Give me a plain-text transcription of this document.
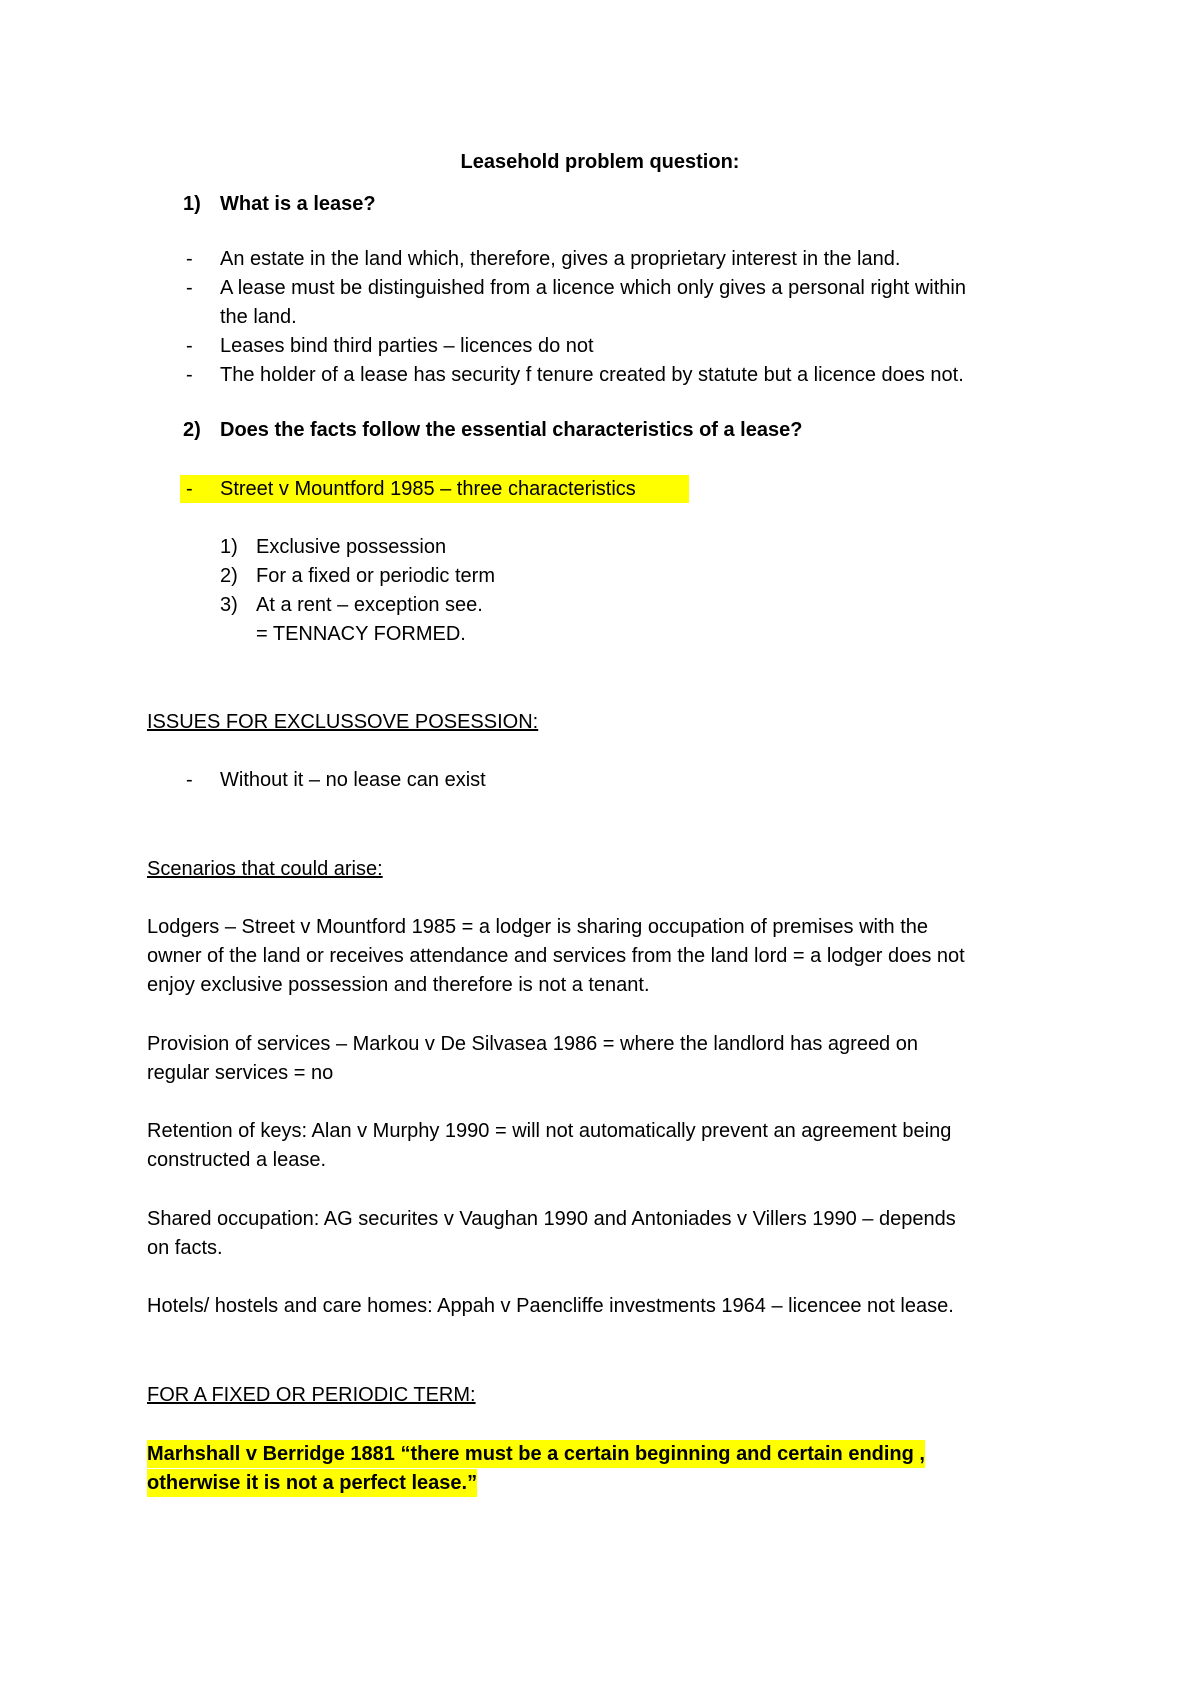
Leasehold problem question:
1) What is a lease?
- An estate in the land which, therefore, gives a proprietary interest in the land.
- A lease must be distinguished from a licence which only gives a personal right within
the land.
- Leases bind third parties – licences do not
- The holder of a lease has security f tenure created by statute but a licence does not.
2) Does the facts follow the essential characteristics of a lease?
-	Street v Mountford 1985 – three characteristics
1) Exclusive possession
2) For a fixed or periodic term
3) At a rent – exception see.
= TENNACY FORMED.
ISSUES FOR EXCLUSSOVE POSESSION:
- Without it – no lease can exist
Scenarios that could arise:
Lodgers – Street v Mountford 1985 = a lodger is sharing occupation of premises with the
owner of the land or receives attendance and services from the land lord = a lodger does not
enjoy exclusive possession and therefore is not a tenant.
Provision of services – Markou v De Silvasea 1986 = where the landlord has agreed on
regular services = no
Retention of keys: Alan v Murphy 1990 = will not automatically prevent an agreement being
constructed a lease.
Shared occupation: AG securites v Vaughan 1990 and Antoniades v Villers 1990 – depends
on facts.
Hotels/ hostels and care homes: Appah v Paencliffe investments 1964 – licencee not lease.
FOR A FIXED OR PERIODIC TERM:
Marhshall v Berridge 1881 “there must be a certain beginning and certain ending ,
otherwise it is not a perfect lease.”
